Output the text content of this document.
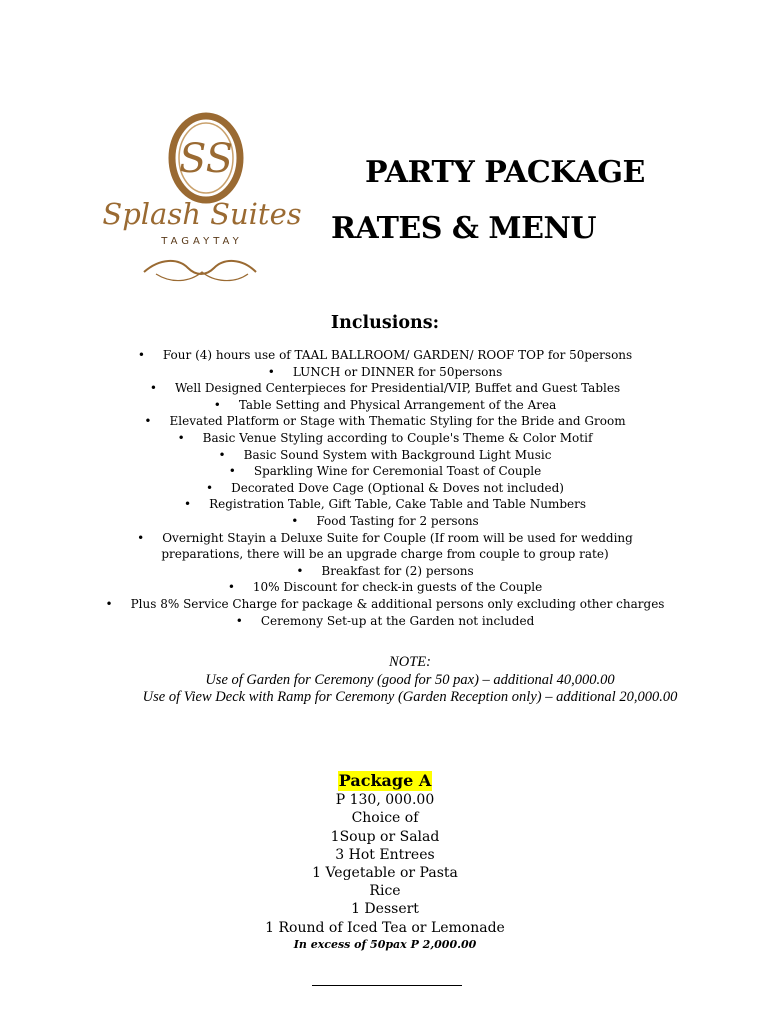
SS
Splash Suites
TAGAYTAY
PARTY PACKAGE
RATES & MENU
Inclusions:
• Four (4) hours use of TAAL BALLROOM/ GARDEN/ ROOF TOP for 50persons
• LUNCH or DINNER for 50persons
• Well Designed Centerpieces for Presidential/VIP, Buffet and Guest Tables
• Table Setting and Physical Arrangement of the Area
• Elevated Platform or Stage with Thematic Styling for the Bride and Groom
• Basic Venue Styling according to Couple's Theme & Color Motif
• Basic Sound System with Background Light Music
• Sparkling Wine for Ceremonial Toast of Couple
• Decorated Dove Cage (Optional & Doves not included)
• Registration Table, Gift Table, Cake Table and Table Numbers
• Food Tasting for 2 persons
• Overnight Stayin a Deluxe Suite for Couple (If room will be used for wedding preparations, there will be an upgrade charge from couple to group rate)
• Breakfast for (2) persons
• 10% Discount for check-in guests of the Couple
• Plus 8% Service Charge for package & additional persons only excluding other charges
• Ceremony Set-up at the Garden not included
NOTE:
Use of Garden for Ceremony (good for 50 pax) – additional 40,000.00
Use of View Deck with Ramp for Ceremony (Garden Reception only) – additional 20,000.00
Package A
P 130, 000.00
Choice of
1Soup or Salad
3 Hot Entrees
1 Vegetable or Pasta
Rice
1 Dessert
1 Round of Iced Tea or Lemonade
In excess of 50pax P 2,000.00
